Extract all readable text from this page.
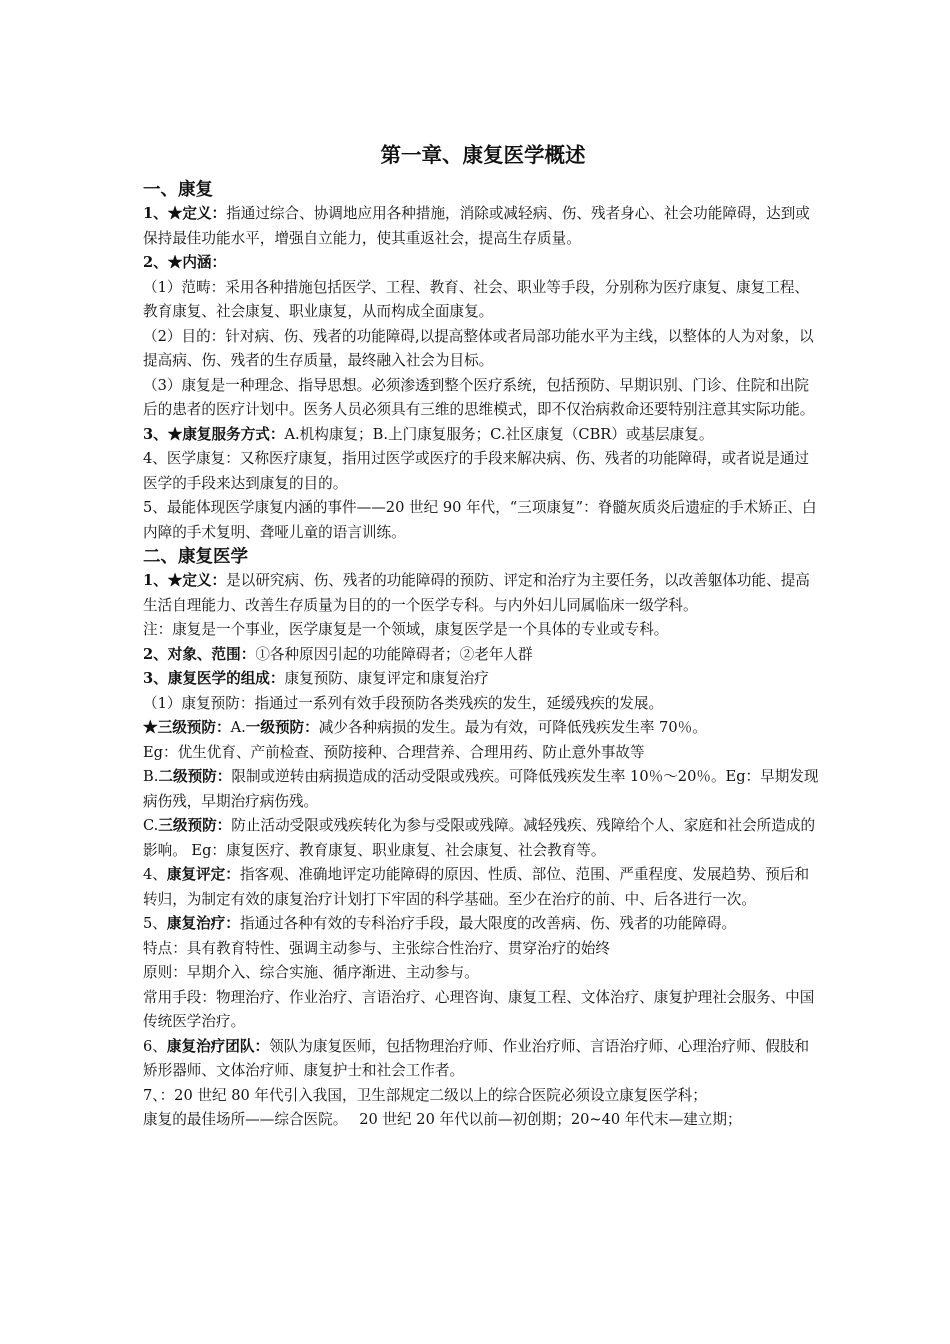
第一章、康复医学概述
一、康复

1、★定义：指通过综合、协调地应用各种措施，消除或减轻病、伤、残者身心、社会功能障碍，达到或保持最佳功能水平，增强自立能力，使其重返社会，提高生存质量。

2、★内涵：

（1）范畴：采用各种措施包括医学、工程、教育、社会、职业等手段，分别称为医疗康复、康复工程、教育康复、社会康复、职业康复，从而构成全面康复。

（2）目的：针对病、伤、残者的功能障碍,以提高整体或者局部功能水平为主线，以整体的人为对象，以提高病、伤、残者的生存质量，最终融入社会为目标。

（3）康复是一种理念、指导思想。必须渗透到整个医疗系统，包括预防、早期识别、门诊、住院和出院后的患者的医疗计划中。医务人员必须具有三维的思维模式，即不仅治病救命还要特别注意其实际功能。

3、★康复服务方式：A.机构康复；B.上门康复服务；C.社区康复（CBR）或基层康复。

4、医学康复：又称医疗康复，指用过医学或医疗的手段来解决病、伤、残者的功能障碍，或者说是通过医学的手段来达到康复的目的。

5、最能体现医学康复内涵的事件——20 世纪 90 年代，“三项康复”：脊髓灰质炎后遗症的手术矫正、白内障的手术复明、聋哑儿童的语言训练。

二、康复医学

1、★定义：是以研究病、伤、残者的功能障碍的预防、评定和治疗为主要任务，以改善躯体功能、提高生活自理能力、改善生存质量为目的的一个医学专科。与内外妇儿同属临床一级学科。

注：康复是一个事业，医学康复是一个领域，康复医学是一个具体的专业或专科。

2、对象、范围：①各种原因引起的功能障碍者；②老年人群

3、康复医学的组成：康复预防、康复评定和康复治疗

（1）康复预防：指通过一系列有效手段预防各类残疾的发生，延缓残疾的发展。

★三级预防：A.一级预防：减少各种病损的发生。最为有效，可降低残疾发生率 70％。

Eg：优生优育、产前检查、预防接种、合理营养、合理用药、防止意外事故等

B.二级预防：限制或逆转由病损造成的活动受限或残疾。可降低残疾发生率 10％～20％。Eg：早期发现病伤残，早期治疗病伤残。

C.三级预防：防止活动受限或残疾转化为参与受限或残障。减轻残疾、残障给个人、家庭和社会所造成的影响。 Eg：康复医疗、教育康复、职业康复、社会康复、社会教育等。

4、康复评定：指客观、准确地评定功能障碍的原因、性质、部位、范围、严重程度、发展趋势、预后和转归，为制定有效的康复治疗计划打下牢固的科学基础。至少在治疗的前、中、后各进行一次。

5、康复治疗：指通过各种有效的专科治疗手段，最大限度的改善病、伤、残者的功能障碍。

特点：具有教育特性、强调主动参与、主张综合性治疗、贯穿治疗的始终

原则：早期介入、综合实施、循序渐进、主动参与。

常用手段：物理治疗、作业治疗、言语治疗、心理咨询、康复工程、文体治疗、康复护理社会服务、中国传统医学治疗。

6、康复治疗团队：领队为康复医师，包括物理治疗师、作业治疗师、言语治疗师、心理治疗师、假肢和矫形器师、文体治疗师、康复护士和社会工作者。

7、：20 世纪 80 年代引入我国，卫生部规定二级以上的综合医院必须设立康复医学科；

康复的最佳场所——综合医院。　 20 世纪 20 年代以前—初创期；20~40 年代末—建立期；
